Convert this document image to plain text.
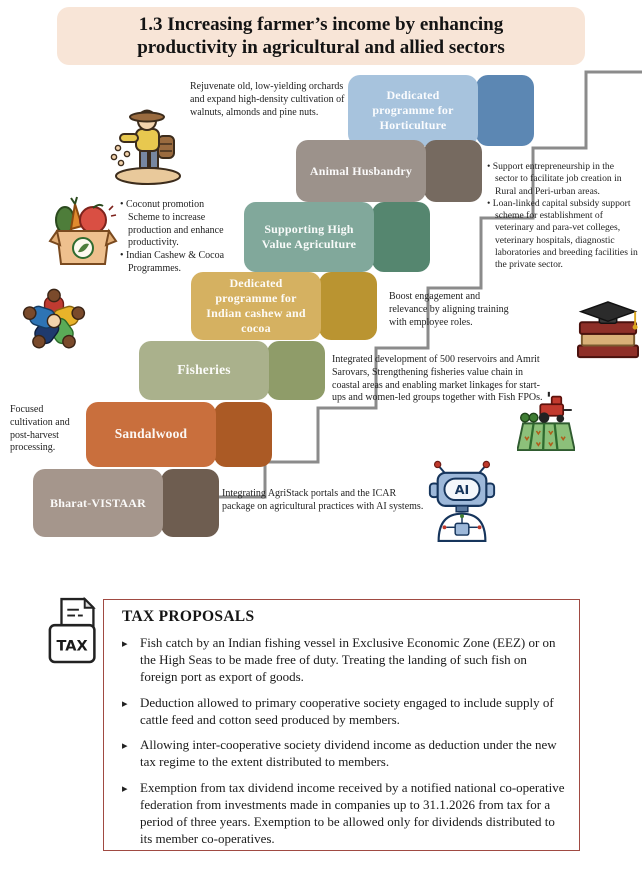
1.3 Increasing farmer’s income by enhancing productivity in agricultural and allied sectors
Dedicated programme for Horticulture
Animal Husbandry
Supporting High Value Agriculture
Dedicated programme for Indian cashew and cocoa
Fisheries
Sandalwood
Bharat-VISTAAR
Rejuvenate old, low-yielding orchards and expand high-density cultivation of walnuts, almonds and pine nuts.
• Support entrepreneurship in the sector to facilitate job creation in Rural and Peri-urban areas.
• Loan-linked capital subsidy support scheme for establishment of veterinary and para-vet colleges, veterinary hospitals, diagnostic laboratories and breeding facilities in the private sector.
• Coconut promotion Scheme to increase production and enhance productivity.
• Indian Cashew & Cocoa Programmes.
Boost engagement and relevance by aligning training with employee roles.
Integrated development of 500 reservoirs and Amrit Sarovars, Strengthening fisheries value chain in coastal areas and enabling market linkages for start-ups and women-led groups together with Fish FPOs.
Focused cultivation and post-harvest processing.
Integrating AgriStack portals and the ICAR package on agricultural practices with AI systems.
AI
TAX
TAX PROPOSALS
▸
Fish catch by an Indian fishing vessel in Exclusive Economic Zone (EEZ) or on the High Seas to be made free of duty. Treating the landing of such fish on foreign port as export of goods.
▸
Deduction allowed to primary cooperative society engaged to include supply of cattle feed and cotton seed produced by members.
▸
Allowing inter-cooperative society dividend income as deduction under the new tax regime to the extent distributed to members.
▸
Exemption from tax dividend income received by a notified national co-operative federation from investments made in companies up to 31.1.2026 from tax for a period of three years. Exemption to be allowed only for dividends distributed to its member co-operatives.
